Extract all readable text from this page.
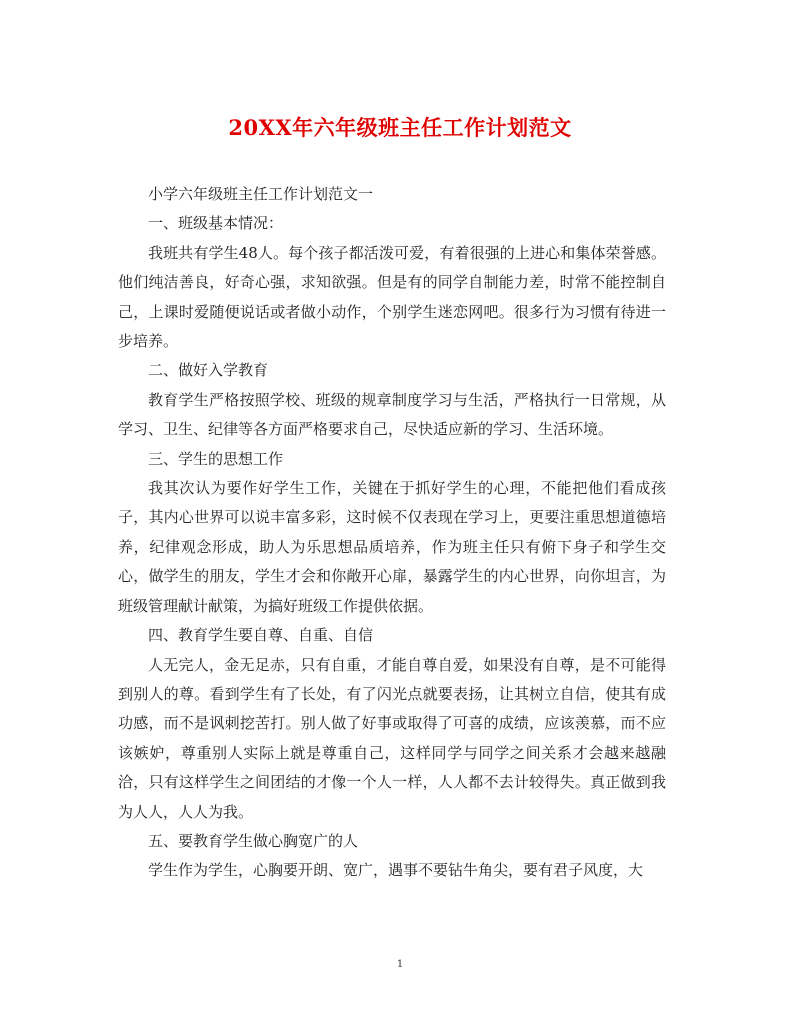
20XX年六年级班主任工作计划范文

小学六年级班主任工作计划范文一

一、班级基本情况：

我班共有学生48人。每个孩子都活泼可爱，有着很强的上进心和集体荣誉感。他们纯洁善良，好奇心强，求知欲强。但是有的同学自制能力差，时常不能控制自己，上课时爱随便说话或者做小动作，个别学生迷恋网吧。很多行为习惯有待进一步培养。

二、做好入学教育

教育学生严格按照学校、班级的规章制度学习与生活，严格执行一日常规，从学习、卫生、纪律等各方面严格要求自己，尽快适应新的学习、生活环境。

三、学生的思想工作

我其次认为要作好学生工作，关键在于抓好学生的心理，不能把他们看成孩子，其内心世界可以说丰富多彩，这时候不仅表现在学习上，更要注重思想道德培养，纪律观念形成，助人为乐思想品质培养，作为班主任只有俯下身子和学生交心，做学生的朋友，学生才会和你敞开心扉，暴露学生的内心世界，向你坦言，为班级管理献计献策，为搞好班级工作提供依据。

四、教育学生要自尊、自重、自信

人无完人，金无足赤，只有自重，才能自尊自爱，如果没有自尊，是不可能得到别人的尊。看到学生有了长处，有了闪光点就要表扬，让其树立自信，使其有成功感，而不是讽刺挖苦打。别人做了好事或取得了可喜的成绩，应该羡慕，而不应该嫉妒，尊重别人实际上就是尊重自己，这样同学与同学之间关系才会越来越融洽，只有这样学生之间团结的才像一个人一样，人人都不去计较得失。真正做到我为人人，人人为我。

五、要教育学生做心胸宽广的人

学生作为学生，心胸要开朗、宽广，遇事不要钻牛角尖，要有君子风度，大

1
